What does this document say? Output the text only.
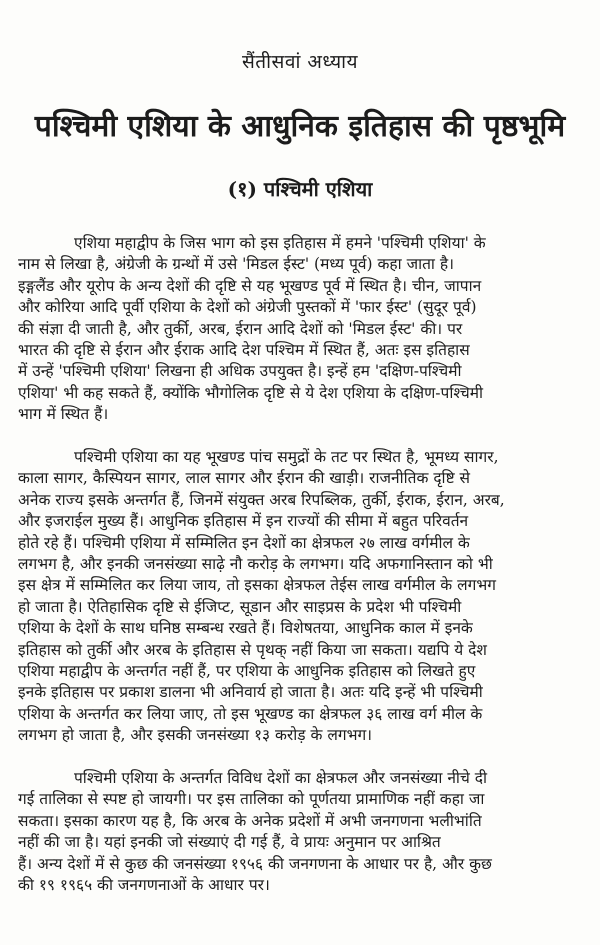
सैंतीसवां अध्याय
पश्चिमी एशिया के आधुनिक इतिहास की पृष्ठभूमि
(१) पश्चिमी एशिया
एशिया महाद्वीप के जिस भाग को इस इतिहास में हमने 'पश्चिमी एशिया' के
नाम से लिखा है, अंग्रेजी के ग्रन्थों में उसे 'मिडल ईस्ट' (मध्य पूर्व) कहा जाता है।
इङ्गलैंड और यूरोप के अन्य देशों की दृष्टि से यह भूखण्ड पूर्व में स्थित है। चीन, जापान
और कोरिया आदि पूर्वी एशिया के देशों को अंग्रेजी पुस्तकों में 'फार ईस्ट' (सुदूर पूर्व)
की संज्ञा दी जाती है, और तुर्की, अरब, ईरान आदि देशों को 'मिडल ईस्ट' की। पर
भारत की दृष्टि से ईरान और ईराक आदि देश पश्चिम में स्थित हैं, अतः इस इतिहास
में उन्हें 'पश्चिमी एशिया' लिखना ही अधिक उपयुक्त है। इन्हें हम 'दक्षिण-पश्चिमी
एशिया' भी कह सकते हैं, क्योंकि भौगोलिक दृष्टि से ये देश एशिया के दक्षिण-पश्चिमी
भाग में स्थित हैं।
पश्चिमी एशिया का यह भूखण्ड पांच समुद्रों के तट पर स्थित है, भूमध्य सागर,
काला सागर, कैस्पियन सागर, लाल सागर और ईरान की खाड़ी। राजनीतिक दृष्टि से
अनेक राज्य इसके अन्तर्गत हैं, जिनमें संयुक्त अरब रिपब्लिक, तुर्की, ईराक, ईरान, अरब,
और इजराईल मुख्य हैं। आधुनिक इतिहास में इन राज्यों की सीमा में बहुत परिवर्तन
होते रहे हैं। पश्चिमी एशिया में सम्मिलित इन देशों का क्षेत्रफल २७ लाख वर्गमील के
लगभग है, और इनकी जनसंख्या साढ़े नौ करोड़ के लगभग। यदि अफगानिस्तान को भी
इस क्षेत्र में सम्मिलित कर लिया जाय, तो इसका क्षेत्रफल तेईस लाख वर्गमील के लगभग
हो जाता है। ऐतिहासिक दृष्टि से ईजिप्ट, सूडान और साइप्रस के प्रदेश भी पश्चिमी
एशिया के देशों के साथ घनिष्ठ सम्बन्ध रखते हैं। विशेषतया, आधुनिक काल में इनके
इतिहास को तुर्की और अरब के इतिहास से पृथक् नहीं किया जा सकता। यद्यपि ये देश
एशिया महाद्वीप के अन्तर्गत नहीं हैं, पर एशिया के आधुनिक इतिहास को लिखते हुए
इनके इतिहास पर प्रकाश डालना भी अनिवार्य हो जाता है। अतः यदि इन्हें भी पश्चिमी
एशिया के अन्तर्गत कर लिया जाए, तो इस भूखण्ड का क्षेत्रफल ३६ लाख वर्ग मील के
लगभग हो जाता है, और इसकी जनसंख्या १३ करोड़ के लगभग।
पश्चिमी एशिया के अन्तर्गत विविध देशों का क्षेत्रफल और जनसंख्या नीचे दी
गई तालिका से स्पष्ट हो जायगी। पर इस तालिका को पूर्णतया प्रामाणिक नहीं कहा जा
सकता। इसका कारण यह है, कि अरब के अनेक प्रदेशों में अभी जनगणना भलीभांति
नहीं की जा है। यहां इनकी जो संख्याएं दी गई हैं, वे प्रायः अनुमान पर आश्रित
हैं। अन्य देशों में से कुछ की जनसंख्या १९५६ की जनगणना के आधार पर है, और कुछ
की १९ १९६५ की जनगणनाओं के आधार पर।
